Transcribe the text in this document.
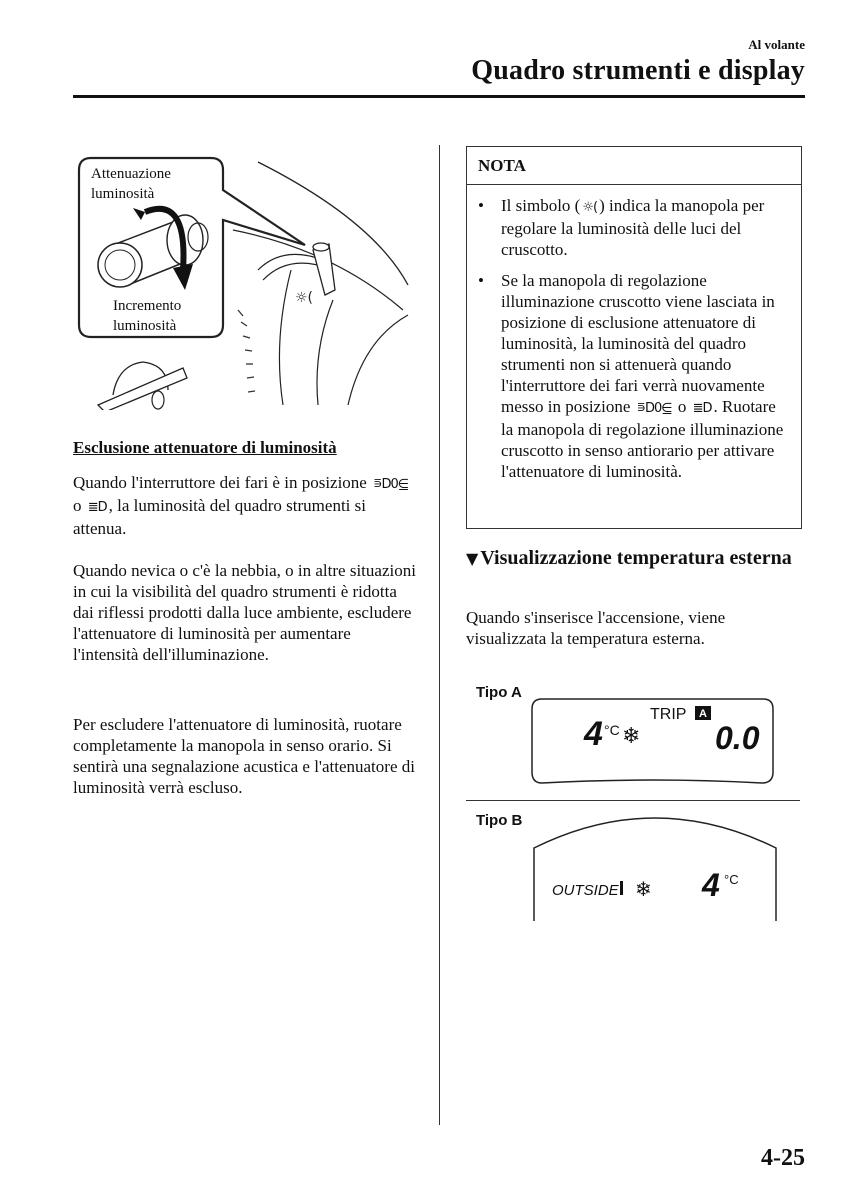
Al volante
Quadro strumenti e display
☼(
Attenuazione
luminosità
Incremento
luminosità

Esclusione attenuatore di luminosità

Quando l'interruttore dei fari è in posizione ⋾D0⋸ o ≣D , la luminosità del quadro strumenti si attenua.

Quando nevica o c'è la nebbia, o in altre situazioni in cui la visibilità del quadro strumenti è ridotta dai riflessi prodotti dalla luce ambiente, escludere l'attenuatore di luminosità per aumentare l'intensità dell'illuminazione.

Per escludere l'attenuatore di luminosità, ruotare completamente la manopola in senso orario. Si sentirà una segnalazione acustica e l'attenuatore di luminosità verrà escluso.

NOTA
• Il simbolo ( ☼( ) indica la manopola per regolare la luminosità delle luci del cruscotto.
• Se la manopola di regolazione illuminazione cruscotto viene lasciata in posizione di esclusione attenuatore di luminosità, la luminosità del quadro strumenti non si attenuerà quando l'interruttore dei fari verrà nuovamente messo in posizione ⋾D0⋸ o ≣D . Ruotare la manopola di regolazione illuminazione cruscotto in senso antiorario per attivare l'attenuatore di luminosità.
▼ Visualizzazione temperatura esterna
Quando s'inserisce l'accensione, viene visualizzata la temperatura esterna.
Tipo A
4 °C ❄
TRIP A
0.0
Tipo B
OUTSIDE ❄ 4 °C
4-25
